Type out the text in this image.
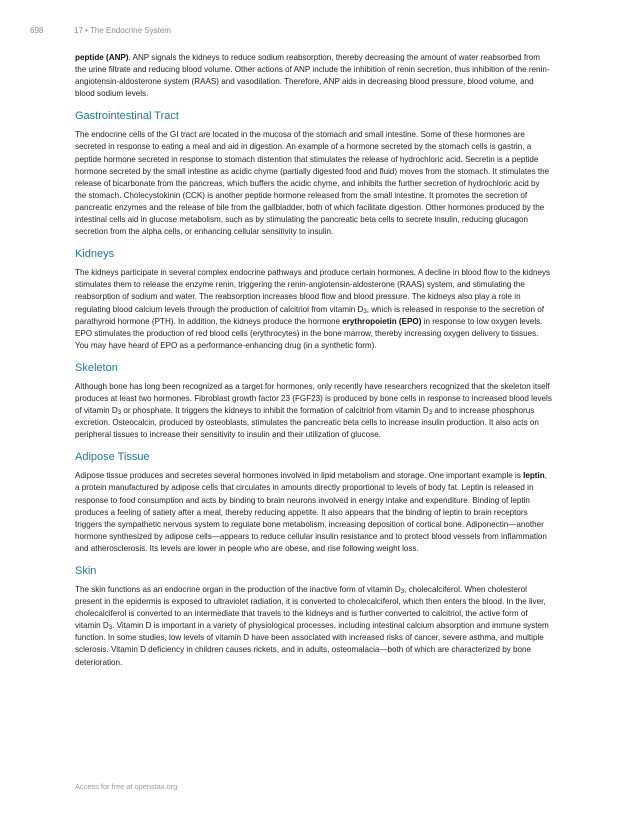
698	17 • The Endocrine System

peptide (ANP). ANP signals the kidneys to reduce sodium reabsorption, thereby decreasing the amount of water reabsorbed from the urine filtrate and reducing blood volume. Other actions of ANP include the inhibition of renin secretion, thus inhibition of the renin-angiotensin-aldosterone system (RAAS) and vasodilation. Therefore, ANP aids in decreasing blood pressure, blood volume, and blood sodium levels.

Gastrointestinal Tract

The endocrine cells of the GI tract are located in the mucosa of the stomach and small intestine. Some of these hormones are secreted in response to eating a meal and aid in digestion. An example of a hormone secreted by the stomach cells is gastrin, a peptide hormone secreted in response to stomach distention that stimulates the release of hydrochloric acid. Secretin is a peptide hormone secreted by the small intestine as acidic chyme (partially digested food and fluid) moves from the stomach. It stimulates the release of bicarbonate from the pancreas, which buffers the acidic chyme, and inhibits the further secretion of hydrochloric acid by the stomach. Cholecystokinin (CCK) is another peptide hormone released from the small intestine. It promotes the secretion of pancreatic enzymes and the release of bile from the gallbladder, both of which facilitate digestion. Other hormones produced by the intestinal cells aid in glucose metabolism, such as by stimulating the pancreatic beta cells to secrete insulin, reducing glucagon secretion from the alpha cells, or enhancing cellular sensitivity to insulin.

Kidneys

The kidneys participate in several complex endocrine pathways and produce certain hormones. A decline in blood flow to the kidneys stimulates them to release the enzyme renin, triggering the renin-angiotensin-aldosterone (RAAS) system, and stimulating the reabsorption of sodium and water. The reabsorption increases blood flow and blood pressure. The kidneys also play a role in regulating blood calcium levels through the production of calcitriol from vitamin $D_3$, which is released in response to the secretion of parathyroid hormone (PTH). In addition, the kidneys produce the hormone erythropoietin (EPO) in response to low oxygen levels. EPO stimulates the production of red blood cells (erythrocytes) in the bone marrow, thereby increasing oxygen delivery to tissues. You may have heard of EPO as a performance-enhancing drug (in a synthetic form).

Skeleton

Although bone has long been recognized as a target for hormones, only recently have researchers recognized that the skeleton itself produces at least two hormones. Fibroblast growth factor 23 (FGF23) is produced by bone cells in response to increased blood levels of vitamin $D_3$ or phosphate. It triggers the kidneys to inhibit the formation of calcitriol from vitamin $D_3$ and to increase phosphorus excretion. Osteocalcin, produced by osteoblasts, stimulates the pancreatic beta cells to increase insulin production. It also acts on peripheral tissues to increase their sensitivity to insulin and their utilization of glucose.

Adipose Tissue

Adipose tissue produces and secretes several hormones involved in lipid metabolism and storage. One important example is leptin, a protein manufactured by adipose cells that circulates in amounts directly proportional to levels of body fat. Leptin is released in response to food consumption and acts by binding to brain neurons involved in energy intake and expenditure. Binding of leptin produces a feeling of satiety after a meal, thereby reducing appetite. It also appears that the binding of leptin to brain receptors triggers the sympathetic nervous system to regulate bone metabolism, increasing deposition of cortical bone. Adiponectin—another hormone synthesized by adipose cells—appears to reduce cellular insulin resistance and to protect blood vessels from inflammation and atherosclerosis. Its levels are lower in people who are obese, and rise following weight loss.

Skin

The skin functions as an endocrine organ in the production of the inactive form of vitamin $D_3$, cholecalciferol. When cholesterol present in the epidermis is exposed to ultraviolet radiation, it is converted to cholecalciferol, which then enters the blood. In the liver, cholecalciferol is converted to an intermediate that travels to the kidneys and is further converted to calcitriol, the active form of vitamin $D_3$. Vitamin D is important in a variety of physiological processes, including intestinal calcium absorption and immune system function. In some studies, low levels of vitamin D have been associated with increased risks of cancer, severe asthma, and multiple sclerosis. Vitamin D deficiency in children causes rickets, and in adults, osteomalacia—both of which are characterized by bone deterioration.

Access for free at openstax.org
